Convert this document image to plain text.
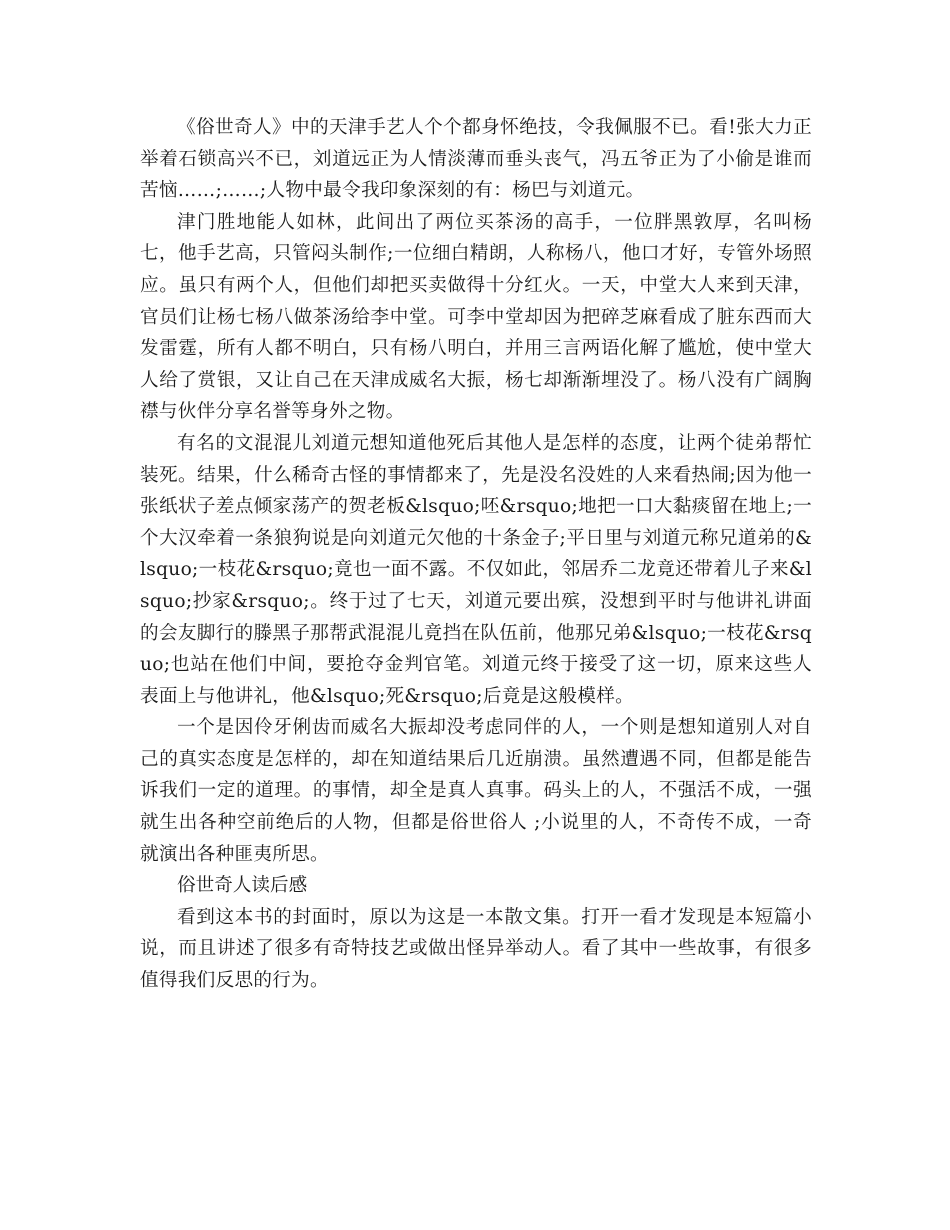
《俗世奇人》中的天津手艺人个个都身怀绝技，令我佩服不已。看!张大力正举着石锁高兴不已，刘道远正为人情淡薄而垂头丧气，冯五爷正为了小偷是谁而苦恼……;……;人物中最令我印象深刻的有：杨巴与刘道元。

津门胜地能人如林，此间出了两位买茶汤的高手，一位胖黑敦厚，名叫杨七，他手艺高，只管闷头制作;一位细白精朗，人称杨八，他口才好，专管外场照应。虽只有两个人，但他们却把买卖做得十分红火。一天，中堂大人来到天津，官员们让杨七杨八做茶汤给李中堂。可李中堂却因为把碎芝麻看成了脏东西而大发雷霆，所有人都不明白，只有杨八明白，并用三言两语化解了尴尬，使中堂大人给了赏银，又让自己在天津成威名大振，杨七却渐渐埋没了。杨八没有广阔胸襟与伙伴分享名誉等身外之物。

有名的文混混儿刘道元想知道他死后其他人是怎样的态度，让两个徒弟帮忙装死。结果，什么稀奇古怪的事情都来了，先是没名没姓的人来看热闹;因为他一张纸状子差点倾家荡产的贺老板&lsquo;呸&rsquo;地把一口大黏痰留在地上;一个大汉牵着一条狼狗说是向刘道元欠他的十条金子;平日里与刘道元称兄道弟的&lsquo;一枝花&rsquo;竟也一面不露。不仅如此，邻居乔二龙竟还带着儿子来&lsquo;抄家&rsquo;。终于过了七天，刘道元要出殡，没想到平时与他讲礼讲面的会友脚行的滕黑子那帮武混混儿竟挡在队伍前，他那兄弟&lsquo;一枝花&rsquo;也站在他们中间，要抢夺金判官笔。刘道元终于接受了这一切，原来这些人表面上与他讲礼，他&lsquo;死&rsquo;后竟是这般模样。

一个是因伶牙俐齿而威名大振却没考虑同伴的人，一个则是想知道别人对自己的真实态度是怎样的，却在知道结果后几近崩溃。虽然遭遇不同，但都是能告诉我们一定的道理。的事情，却全是真人真事。码头上的人，不强活不成，一强就生出各种空前绝后的人物，但都是俗世俗人 ;小说里的人，不奇传不成，一奇就演出各种匪夷所思。

俗世奇人读后感

看到这本书的封面时，原以为这是一本散文集。打开一看才发现是本短篇小说，而且讲述了很多有奇特技艺或做出怪异举动人。看了其中一些故事，有很多值得我们反思的行为。
